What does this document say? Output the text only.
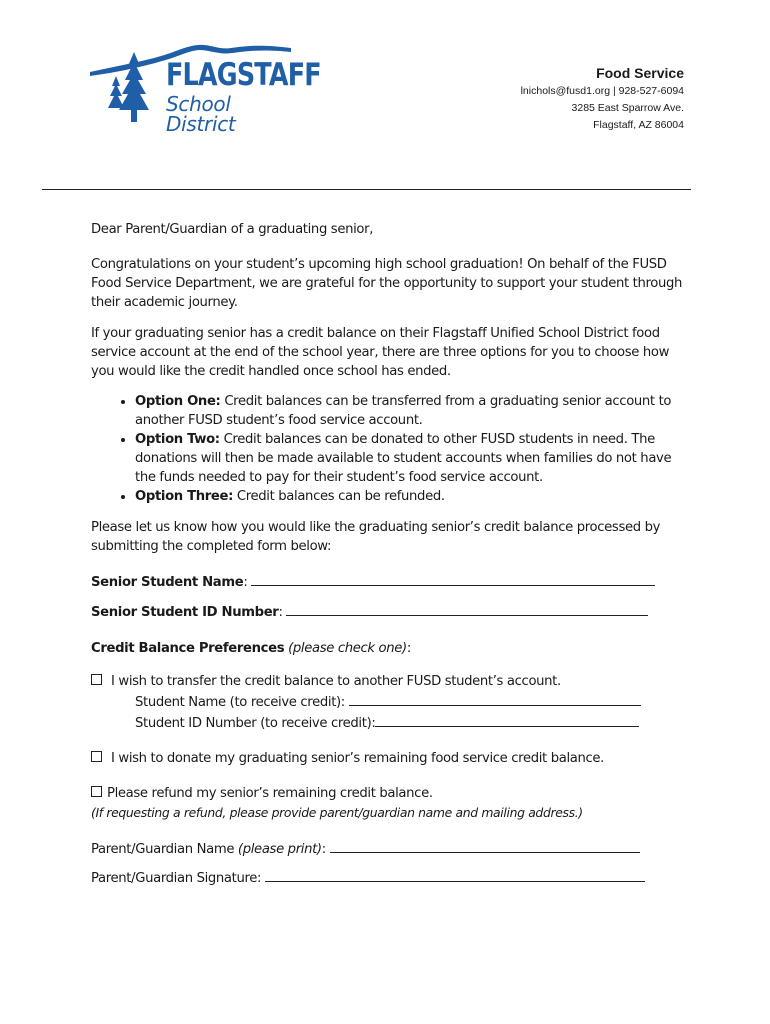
FLAGSTAFF
School District
Food Service
lnichols@fusd1.org | 928-527-6094
3285 East Sparrow Ave.
Flagstaff, AZ 86004

Dear Parent/Guardian of a graduating senior,

Congratulations on your student’s upcoming high school graduation! On behalf of the FUSD Food Service Department, we are grateful for the opportunity to support your student through their academic journey.

If your graduating senior has a credit balance on their Flagstaff Unified School District food service account at the end of the school year, there are three options for you to choose how you would like the credit handled once school has ended.

• Option One: Credit balances can be transferred from a graduating senior account to another FUSD student’s food service account.
• Option Two: Credit balances can be donated to other FUSD students in need. The donations will then be made available to student accounts when families do not have the funds needed to pay for their student’s food service account.
• Option Three: Credit balances can be refunded.

Please let us know how you would like the graduating senior’s credit balance processed by submitting the completed form below:

Senior Student Name:
Senior Student ID Number:
Credit Balance Preferences (please check one):
I wish to transfer the credit balance to another FUSD student’s account.
Student Name (to receive credit):
Student ID Number (to receive credit):
I wish to donate my graduating senior’s remaining food service credit balance.
Please refund my senior’s remaining credit balance.
(If requesting a refund, please provide parent/guardian name and mailing address.)
Parent/Guardian Name (please print):
Parent/Guardian Signature:
